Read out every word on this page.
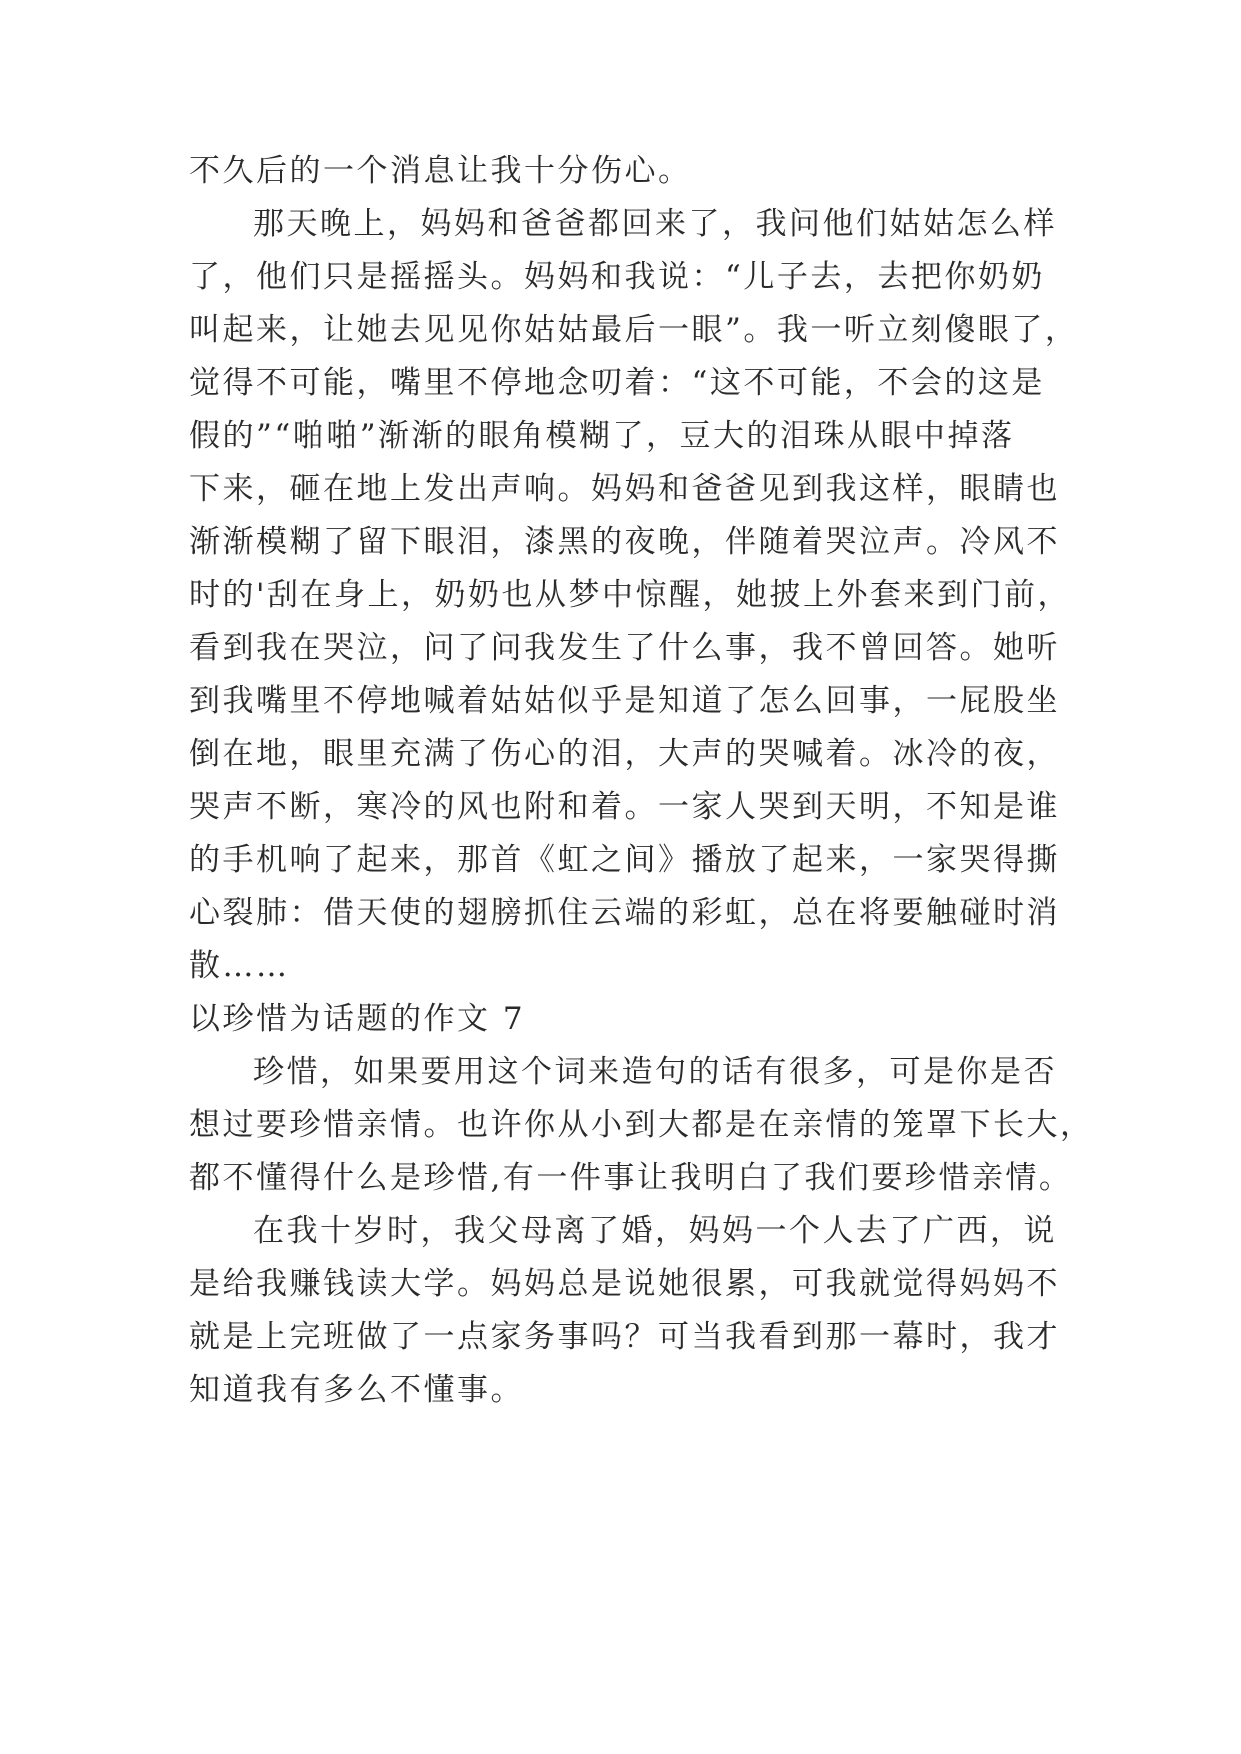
不久后的一个消息让我十分伤心。
那天晚上，妈妈和爸爸都回来了，我问他们姑姑怎么样
了，他们只是摇摇头。妈妈和我说：“儿子去，去把你奶奶
叫起来，让她去见见你姑姑最后一眼”。我一听立刻傻眼了，
觉得不可能，嘴里不停地念叨着：“这不可能，不会的这是
假的”“啪啪”渐渐的眼角模糊了，豆大的泪珠从眼中掉落
下来，砸在地上发出声响。妈妈和爸爸见到我这样，眼睛也
渐渐模糊了留下眼泪，漆黑的夜晚，伴随着哭泣声。冷风不
时的'刮在身上，奶奶也从梦中惊醒，她披上外套来到门前，
看到我在哭泣，问了问我发生了什么事，我不曾回答。她听
到我嘴里不停地喊着姑姑似乎是知道了怎么回事，一屁股坐
倒在地，眼里充满了伤心的泪，大声的哭喊着。冰冷的夜，
哭声不断，寒冷的风也附和着。一家人哭到天明，不知是谁
的手机响了起来，那首《虹之间》播放了起来，一家哭得撕
心裂肺：借天使的翅膀抓住云端的彩虹，总在将要触碰时消
散……
以珍惜为话题的作文 7
珍惜，如果要用这个词来造句的话有很多，可是你是否
想过要珍惜亲情。也许你从小到大都是在亲情的笼罩下长大，
都不懂得什么是珍惜,有一件事让我明白了我们要珍惜亲情。
在我十岁时，我父母离了婚，妈妈一个人去了广西，说
是给我赚钱读大学。妈妈总是说她很累，可我就觉得妈妈不
就是上完班做了一点家务事吗？可当我看到那一幕时，我才
知道我有多么不懂事。
